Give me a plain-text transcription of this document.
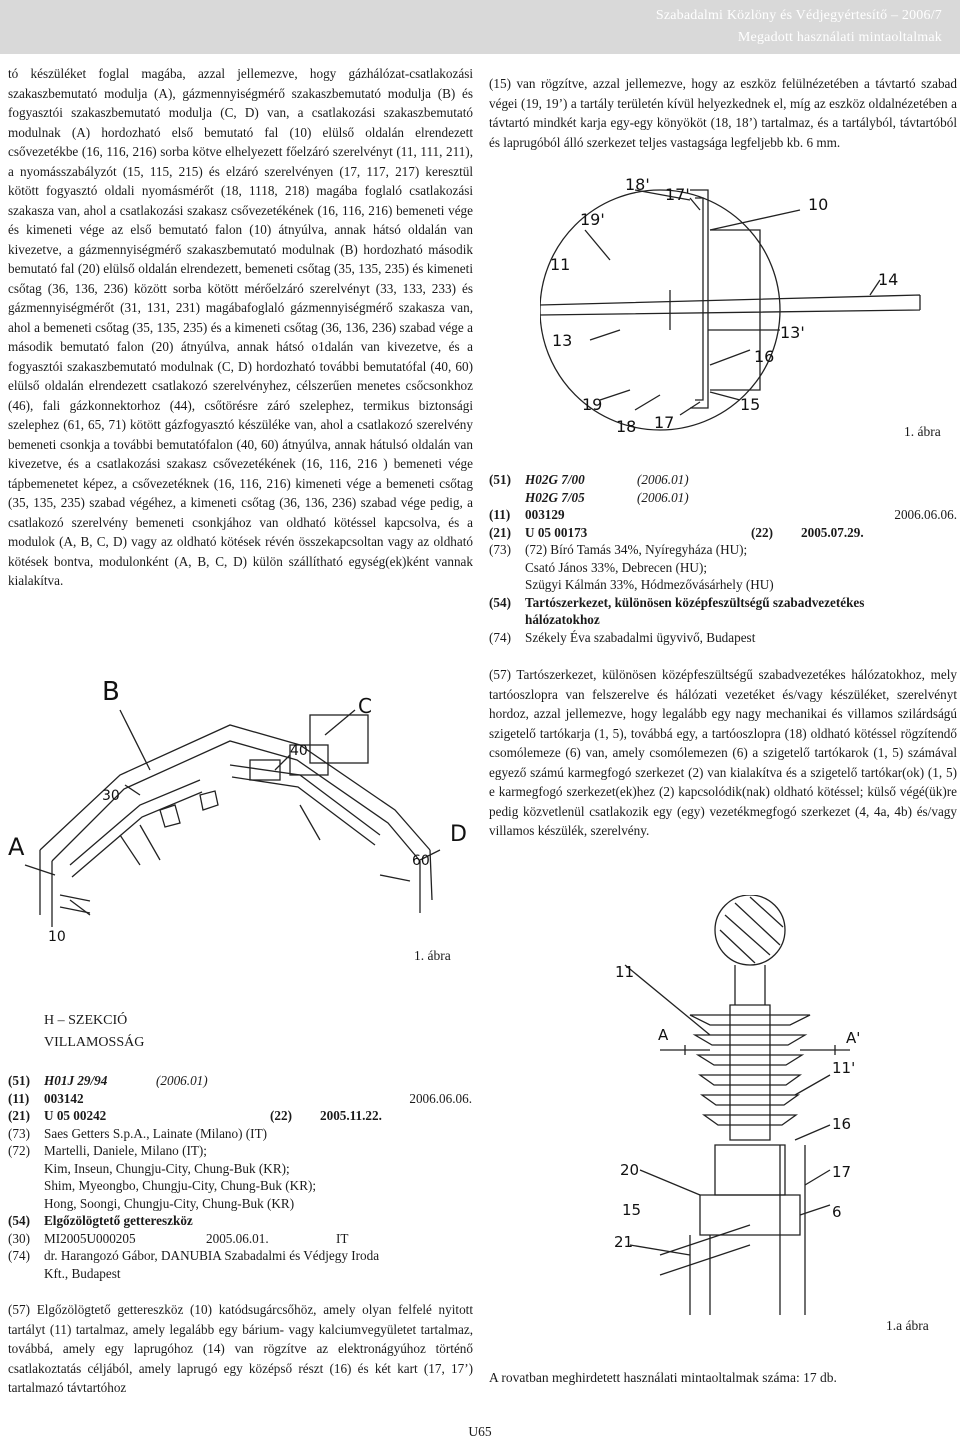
Szabadalmi Közlöny és Védjegyértesítő – 2006/7
Megadott használati mintaoltalmak

tó készüléket foglal magába, azzal jellemezve, hogy gázhálózat-csatlakozási szakaszbemutató modulja (A), gázmennyiségmérő szakaszbemutató modulja (B) és fogyasztói szakaszbemutató modulja (C, D) van, a csatlakozási szakaszbemutató modulnak (A) hordozható első bemutató fal (10) elülső oldalán elrendezett csővezetékbe (16, 116, 216) sorba kötve elhelyezett főelzáró szerelvényt (11, 111, 211), a nyomásszabályzót (15, 115, 215) és elzáró szerelvényen (17, 117, 217) keresztül kötött fogyasztó oldali nyomásmérőt (18, 1118, 218) magába foglaló csatlakozási szakasza van, ahol a csatlakozási szakasz csővezetékének (16, 116, 216) bemeneti vége és kimeneti vége az első bemutató falon (10) átnyúlva, annak hátsó oldalán van kivezetve, a gázmennyiségmérő szakaszbemutató modulnak (B) hordozható második bemutató fal (20) elülső oldalán elrendezett, bemeneti csőtag (35, 135, 235) és kimeneti csőtag (36, 136, 236) között sorba kötött mérőelzáró szerelvényt (33, 133, 233) és gázmennyiségmérőt (31, 131, 231) magábafoglaló gázmennyiségmérő szakasza van, ahol a bemeneti csőtag (35, 135, 235) és a kimeneti csőtag (36, 136, 236) szabad vége a második bemutató falon (20) átnyúlva, annak hátsó o1dalán van kivezetve, és a fogyasztói szakaszbemutató modulnak (C, D) hordozható további bemutatófal (40, 60) elülső oldalán elrendezett csatlakozó szerelvényhez, célszerűen menetes csőcsonkhoz (46), fali gázkonnektorhoz (44), csőtörésre záró szelephez, termikus biztonsági szelephez (61, 65, 71) kötött gázfogyasztó készüléke van, ahol a csatlakozó szerelvény bemeneti csonkja a további bemutatófalon (40, 60) átnyúlva, annak hátulsó oldalán van kivezetve, és a csatlakozási szakasz csővezetékének (16, 116, 216 ) bemeneti vége tápbemenetet képez, a csővezetéknek (16, 116, 216) kimeneti vége a bemeneti csőtag (35, 135, 235) szabad végéhez, a kimeneti csőtag (36, 136, 236) szabad vége pedig, a csatlakozó szerelvény bemeneti csonkjához van oldható kötéssel kapcsolva, és a modulok (A, B, C, D) vagy az oldható kötések révén összekapcsoltan vagy az oldható kötések bontva, modulonként (A, B, C, D) külön szállítható egység(ek)ként vannak kialakítva.

B	C
40
30
A	D
60
10
1. ábra
H – SZEKCIÓ
VILLAMOSSÁG
(51) H01J 29/94	(2006.01)
(11) 003142	2006.06.06.
(21) U 05 00242	(22) 2005.11.22.
(73) Saes Getters S.p.A., Lainate (Milano) (IT)
(72) Martelli, Daniele, Milano (IT);
Kim, Inseun, Chungju-City, Chung-Buk (KR);
Shim, Myeongbo, Chungju-City, Chung-Buk (KR);
Hong, Soongi, Chungju-City, Chung-Buk (KR)
(54) Elgőzölögtető gettereszköz
(30) MI2005U000205	2005.06.01.	IT
(74) dr. Harangozó Gábor, DANUBIA Szabadalmi és Védjegy Iroda
Kft., Budapest
(57) Elgőzölögtető gettereszköz (10) katódsugárcsőhöz, amely olyan felfelé nyitott tartályt (11) tartalmaz, amely legalább egy bárium- vagy kalciumvegyületet tartalmaz, továbbá, amely egy laprugóhoz (14) van rögzítve az elektronágyúhoz történő csatlakoztatás céljából, amely laprugó egy középső részt (16) és két kart (17, 17’) tartalmazó távtartóhoz

(15) van rögzítve, azzal jellemezve, hogy az eszköz felülnézetében a távtartó szabad végei (19, 19’) a tartály területén kívül helyezkednek el, míg az eszköz oldalnézetében a távtartó mindkét karja egy-egy könyököt (18, 18’) tartalmaz, és a tartályból, távtartóból és laprugóból álló szerkezet teljes vastagsága legfeljebb kb. 6 mm.

18'
17'
10
19'
11
14
13	13'
16
19
18 17
15
1. ábra
(51) H02G 7/00	(2006.01)
H02G 7/05	(2006.01)
(11) 003129	2006.06.06.
(21) U 05 00173	(22) 2005.07.29.
(73) (72) Bíró Tamás 34%, Nyíregyháza (HU);
Csató János 33%, Debrecen (HU);
Szügyi Kálmán 33%, Hódmezővásárhely (HU)
(54) Tartószerkezet, különösen középfeszültségű szabadvezetékes
hálózatokhoz
(74) Székely Éva szabadalmi ügyvivő, Budapest
(57) Tartószerkezet, különösen középfeszültségű szabadvezetékes hálózatokhoz, mely tartóoszlopra van felszerelve és hálózati vezetéket és/vagy készüléket, szerelvényt hordoz, azzal jellemezve, hogy legalább egy nagy mechanikai és villamos szilárdságú szigetelő tartókarja (1, 5), továbbá egy, a tartóoszlopra (18) oldható kötéssel rögzítendő csomólemeze (6) van, amely csomólemezen (6) a szigetelő tartókarok (1, 5) számával egyező számú karmegfogó szerkezet (2) van kialakítva és a szigetelő tartókar(ok) (1, 5) e karmegfogó szerkezet(ek)hez (2) kapcsolódik(nak) oldható kötéssel; külső végé(ük)re pedig közvetlenül csatlakozik egy (egy) vezetékmegfogó szerkezet (4, 4a, 4b) és/vagy villamos készülék, szerelvény.
A	A'
11
11'
16
17
20
21
6
15
1.a ábra
A rovatban meghirdetett használati mintaoltalmak száma: 17 db.
U65
